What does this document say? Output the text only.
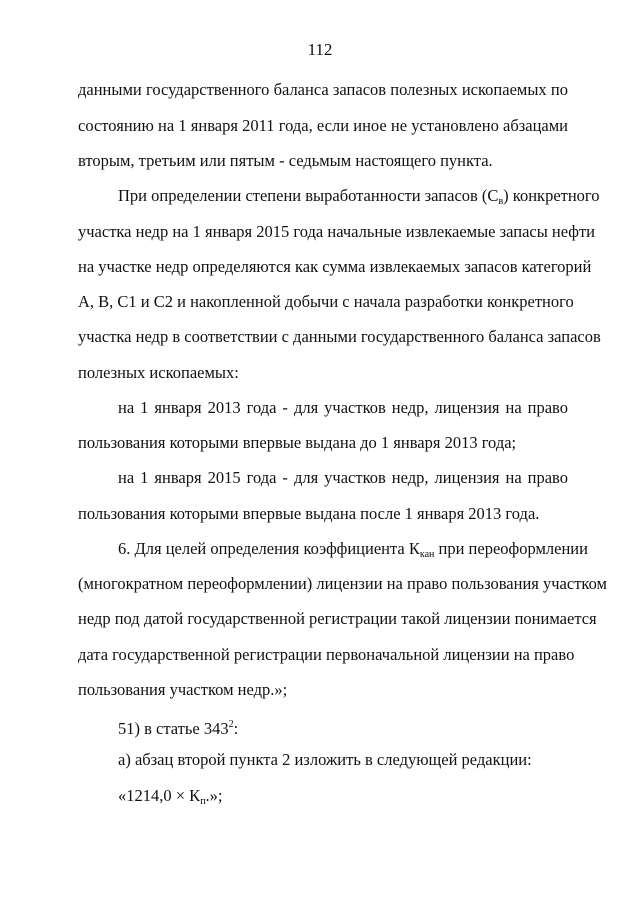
112
данными государственного баланса запасов полезных ископаемых по
состоянию на 1 января 2011 года, если иное не установлено абзацами
вторым, третьим или пятым - седьмым настоящего пункта.
При определении степени выработанности запасов $(С_в)$ конкретного
участка недр на 1 января 2015 года начальные извлекаемые запасы нефти
на участке недр определяются как сумма извлекаемых запасов категорий
А, В, С1 и С2 и накопленной добычи с начала разработки конкретного
участка недр в соответствии с данными государственного баланса запасов
полезных ископаемых:
на 1 января 2013 года - для участков недр, лицензия на право
пользования которыми впервые выдана до 1 января 2013 года;
на 1 января 2015 года - для участков недр, лицензия на право
пользования которыми впервые выдана после 1 января 2013 года.
6. Для целей определения коэффициента $К_{кан}$ при переоформлении
(многократном переоформлении) лицензии на право пользования участком
недр под датой государственной регистрации такой лицензии понимается
дата государственной регистрации первоначальной лицензии на право
пользования участком недр.»;
51) в статье $343^2$:
а) абзац второй пункта 2 изложить в следующей редакции:
«$1214,0 \times К_п$.»;
